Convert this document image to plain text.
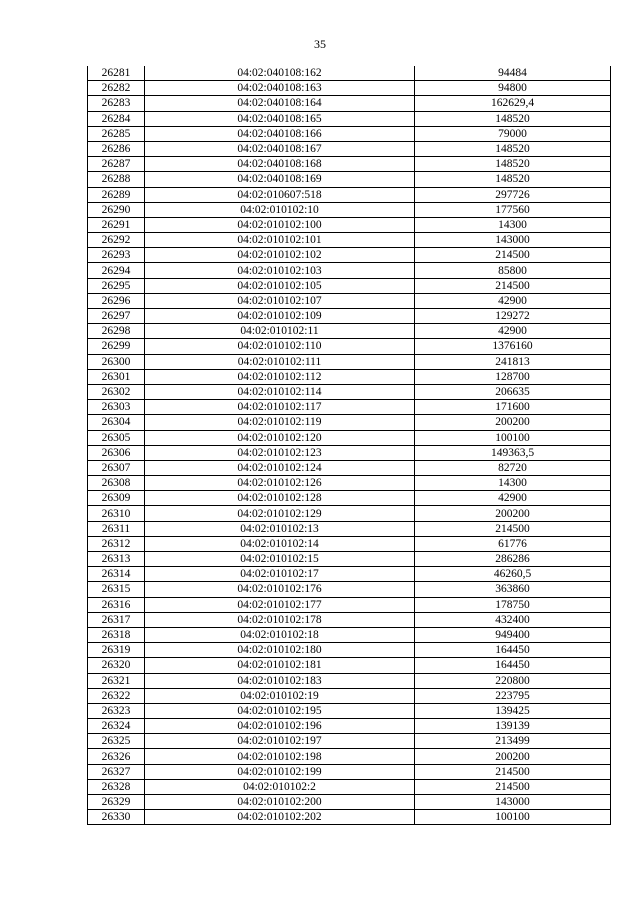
35
26281	04:02:040108:162	94484
26282	04:02:040108:163	94800
26283	04:02:040108:164	162629,4
26284	04:02:040108:165	148520
26285	04:02:040108:166	79000
26286	04:02:040108:167	148520
26287	04:02:040108:168	148520
26288	04:02:040108:169	148520
26289	04:02:010607:518	297726
26290	04:02:010102:10	177560
26291	04:02:010102:100	14300
26292	04:02:010102:101	143000
26293	04:02:010102:102	214500
26294	04:02:010102:103	85800
26295	04:02:010102:105	214500
26296	04:02:010102:107	42900
26297	04:02:010102:109	129272
26298	04:02:010102:11	42900
26299	04:02:010102:110	1376160
26300	04:02:010102:111	241813
26301	04:02:010102:112	128700
26302	04:02:010102:114	206635
26303	04:02:010102:117	171600
26304	04:02:010102:119	200200
26305	04:02:010102:120	100100
26306	04:02:010102:123	149363,5
26307	04:02:010102:124	82720
26308	04:02:010102:126	14300
26309	04:02:010102:128	42900
26310	04:02:010102:129	200200
26311	04:02:010102:13	214500
26312	04:02:010102:14	61776
26313	04:02:010102:15	286286
26314	04:02:010102:17	46260,5
26315	04:02:010102:176	363860
26316	04:02:010102:177	178750
26317	04:02:010102:178	432400
26318	04:02:010102:18	949400
26319	04:02:010102:180	164450
26320	04:02:010102:181	164450
26321	04:02:010102:183	220800
26322	04:02:010102:19	223795
26323	04:02:010102:195	139425
26324	04:02:010102:196	139139
26325	04:02:010102:197	213499
26326	04:02:010102:198	200200
26327	04:02:010102:199	214500
26328	04:02:010102:2	214500
26329	04:02:010102:200	143000
26330	04:02:010102:202	100100
